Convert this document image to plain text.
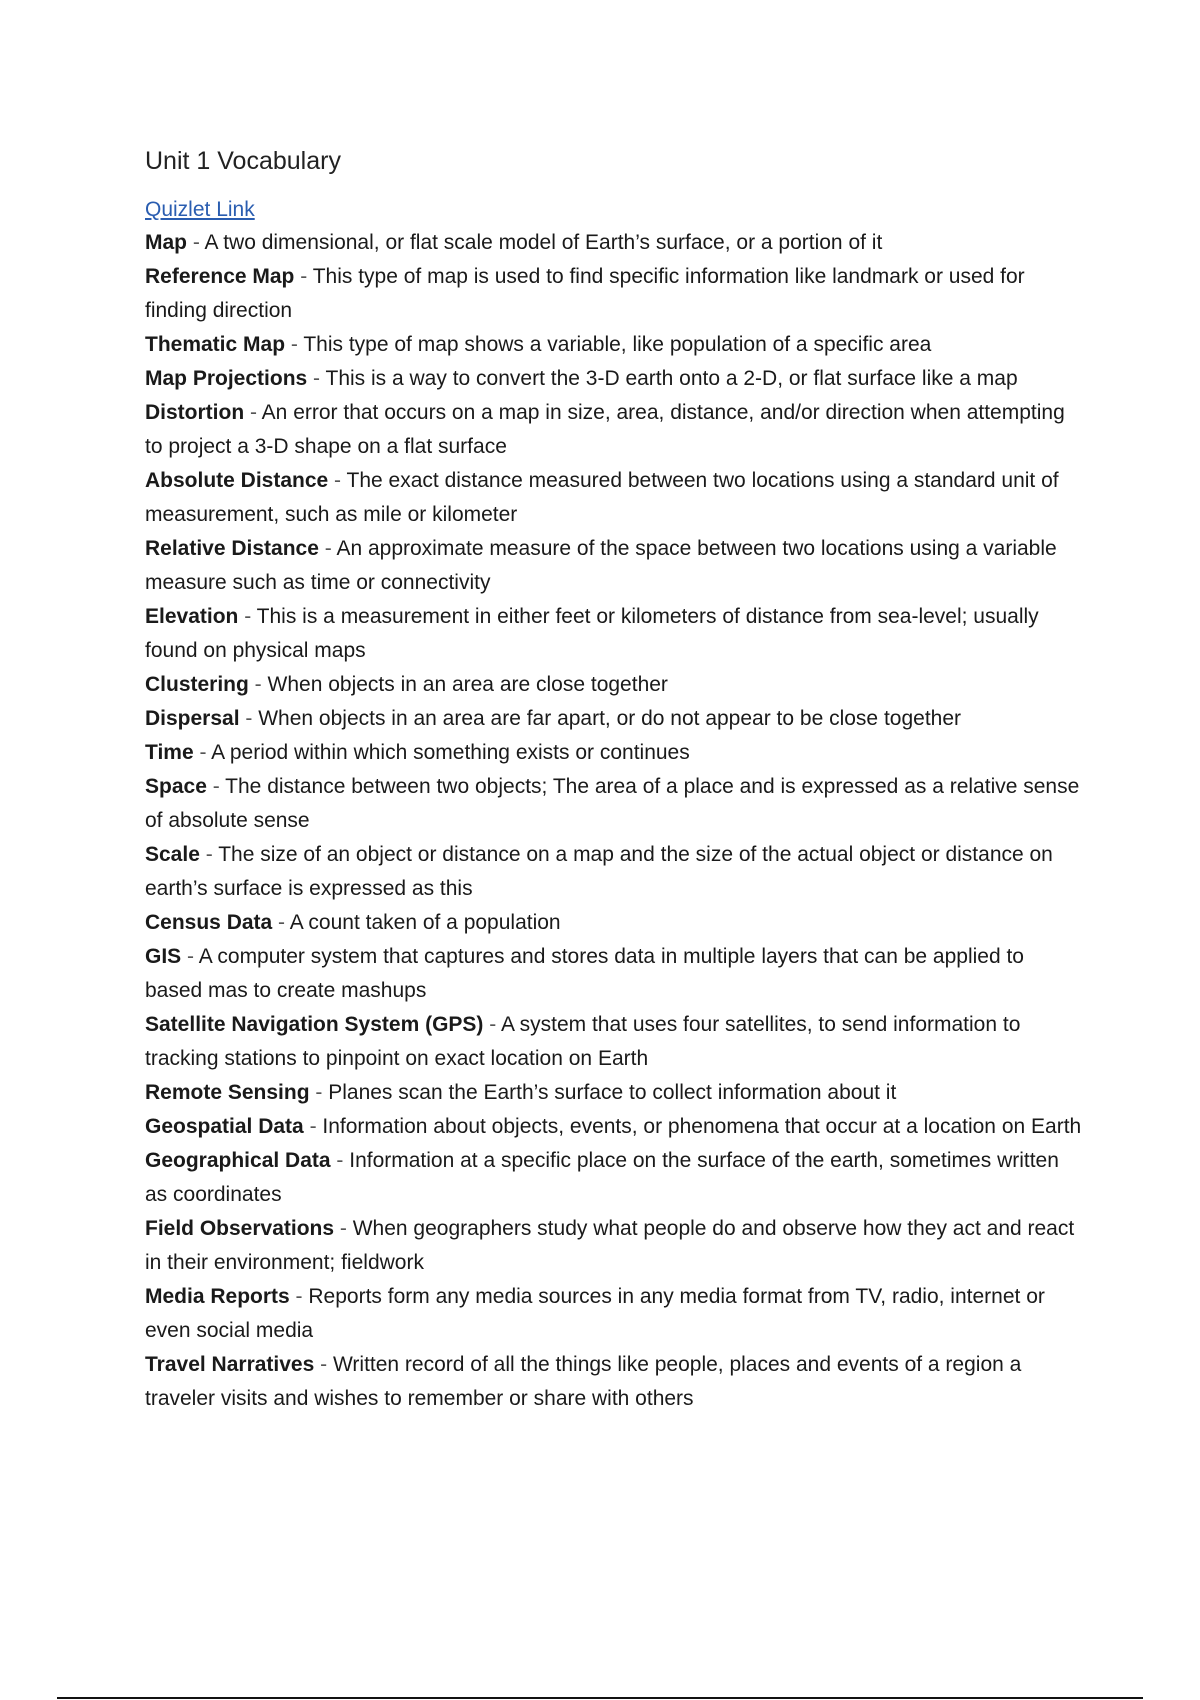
Unit 1 Vocabulary
Quizlet Link
Map - A two dimensional, or flat scale model of Earth’s surface, or a portion of it
Reference Map - This type of map is used to find specific information like landmark or used for finding direction
Thematic Map - This type of map shows a variable, like population of a specific area
Map Projections - This is a way to convert the 3-D earth onto a 2-D, or flat surface like a map
Distortion - An error that occurs on a map in size, area, distance, and/or direction when attempting to project a 3-D shape on a flat surface
Absolute Distance - The exact distance measured between two locations using a standard unit of measurement, such as mile or kilometer
Relative Distance - An approximate measure of the space between two locations using a variable measure such as time or connectivity
Elevation - This is a measurement in either feet or kilometers of distance from sea-level; usually found on physical maps
Clustering - When objects in an area are close together
Dispersal - When objects in an area are far apart, or do not appear to be close together
Time - A period within which something exists or continues
Space - The distance between two objects; The area of a place and is expressed as a relative sense of absolute sense
Scale - The size of an object or distance on a map and the size of the actual object or distance on earth’s surface is expressed as this
Census Data - A count taken of a population
GIS - A computer system that captures and stores data in multiple layers that can be applied to based mas to create mashups
Satellite Navigation System (GPS) - A system that uses four satellites, to send information to tracking stations to pinpoint on exact location on Earth
Remote Sensing - Planes scan the Earth’s surface to collect information about it
Geospatial Data - Information about objects, events, or phenomena that occur at a location on Earth
Geographical Data - Information at a specific place on the surface of the earth, sometimes written as coordinates
Field Observations - When geographers study what people do and observe how they act and react in their environment; fieldwork
Media Reports - Reports form any media sources in any media format from TV, radio, internet or even social media
Travel Narratives - Written record of all the things like people, places and events of a region a traveler visits and wishes to remember or share with others
